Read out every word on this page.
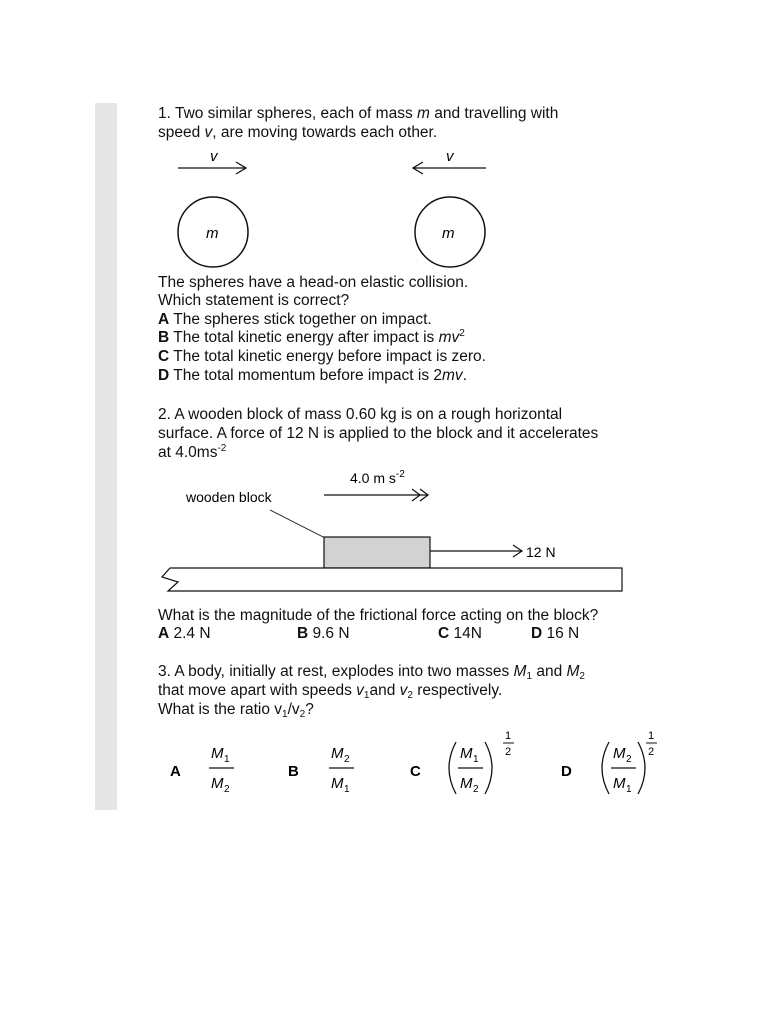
1. Two similar spheres, each of mass m and travelling with
speed v, are moving towards each other.
v	v
m	m
The spheres have a head-on elastic collision.
Which statement is correct?
A The spheres stick together on impact.
B The total kinetic energy after impact is $mv^2$
C The total kinetic energy before impact is zero.
D The total momentum before impact is 2mv.
2. A wooden block of mass 0.60 kg is on a rough horizontal
surface. A force of 12 N is applied to the block and it accelerates
at $4.0ms^{-2}$
4.0 m $s^{-2}$
wooden block
12 N
What is the magnitude of the frictional force acting on the block?
A 2.4 N	B 9.6 N	C 14N	D 16 N
3. A body, initially at rest, explodes into two masses $M_1$ and $M_2$
that move apart with speeds $v_1and$ $v_2$ respectively.
What is the ratio $v_1/v_2$?
A
M 1
M 2
B
M 2
M 1
C
M 1
M 2
1
2
D
M 2
M 1
1
2
